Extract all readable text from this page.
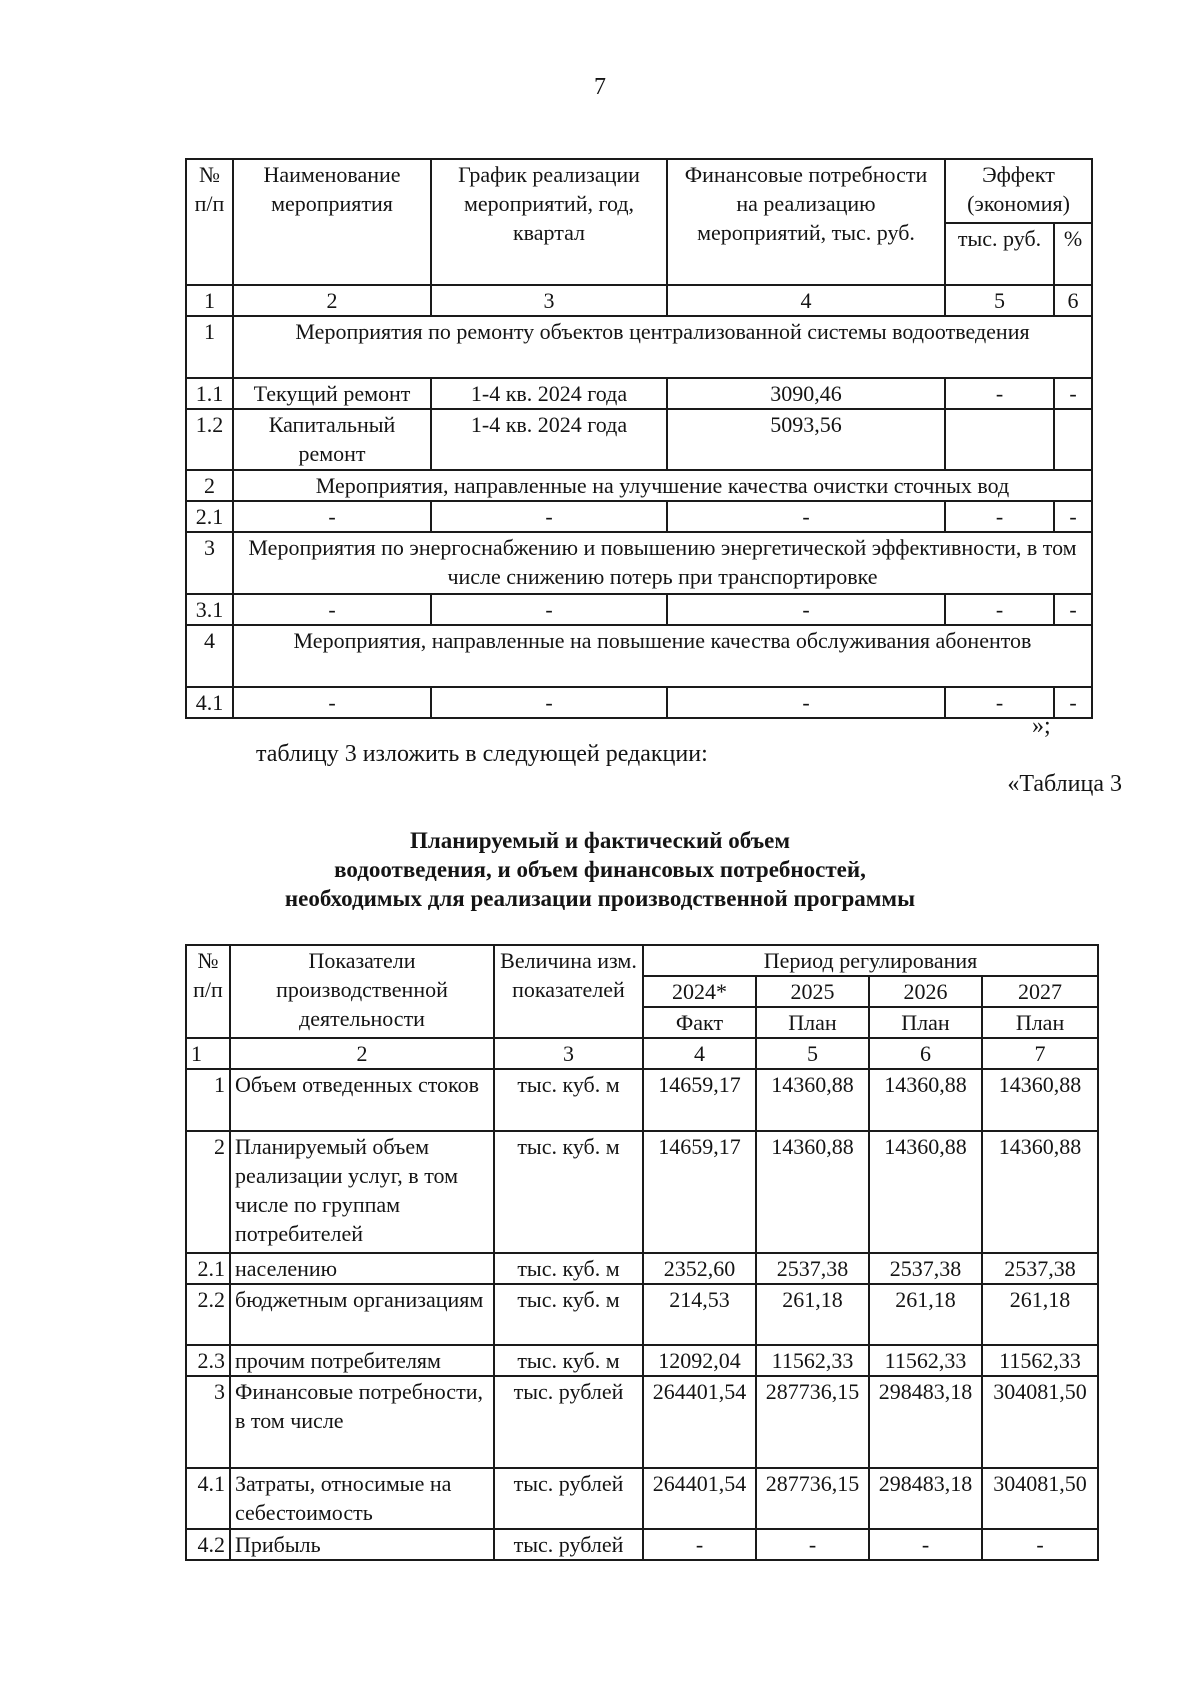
7
№ п/п	Наименование мероприятия	График реализации мероприятий, год, квартал	Финансовые потребности на реализацию мероприятий, тыс. руб.	Эффект (экономия)	
				тыс. руб.	%
1	2	3	4	5	6
1	Мероприятия по ремонту объектов централизованной системы водоотведения				
1.1	Текущий ремонт	1-4 кв. 2024 года	3090,46	-	-
1.2	Капитальный ремонт	1-4 кв. 2024 года	5093,56		
2	Мероприятия, направленные на улучшение качества очистки сточных вод				
2.1	-	-	-	-	-
3	Мероприятия по энергоснабжению и повышению энергетической эффективности, в том числе снижению потерь при транспортировке				
3.1	-	-	-	-	-
4	Мероприятия, направленные на повышение качества обслуживания абонентов				
4.1	-	-	-	-	-
»;
таблицу 3 изложить в следующей редакции:
«Таблица 3
Планируемый и фактический объем
водоотведения, и объем финансовых потребностей,
необходимых для реализации производственной программы
№ п/п	Показатели производственной деятельности	Величина изм. показателей	Период регулирования			
			2024*	2025	2026	2027
			Факт	План	План	План
1	2	3	4	5	6	7
1	Объем отведенных стоков	тыс. куб. м	14659,17	14360,88	14360,88	14360,88
2	Планируемый объем реализации услуг, в том числе по группам потребителей	тыс. куб. м	14659,17	14360,88	14360,88	14360,88
2.1	населению	тыс. куб. м	2352,60	2537,38	2537,38	2537,38
2.2	бюджетным организациям	тыс. куб. м	214,53	261,18	261,18	261,18
2.3	прочим потребителям	тыс. куб. м	12092,04	11562,33	11562,33	11562,33
3	Финансовые потребности, в том числе	тыс. рублей	264401,54	287736,15	298483,18	304081,50
4.1	Затраты, относимые на себестоимость	тыс. рублей	264401,54	287736,15	298483,18	304081,50
4.2	Прибыль	тыс. рублей	-	-	-	-
